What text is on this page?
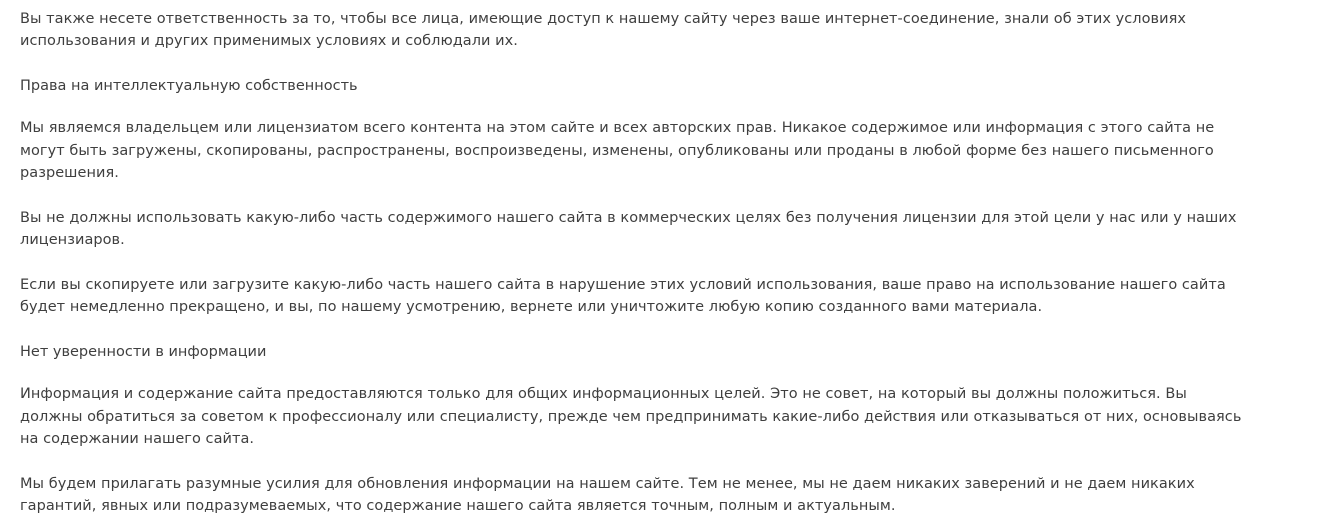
Вы также несете ответственность за то, чтобы все лица, имеющие доступ к нашему сайту через ваше интернет-соединение, знали об этих условиях использования и других применимых условиях и соблюдали их.

Права на интеллектуальную собственность

Мы являемся владельцем или лицензиатом всего контента на этом сайте и всех авторских прав. Никакое содержимое или информация с этого сайта не могут быть загружены, скопированы, распространены, воспроизведены, изменены, опубликованы или проданы в любой форме без нашего письменного разрешения.

Вы не должны использовать какую-либо часть содержимого нашего сайта в коммерческих целях без получения лицензии для этой цели у нас или у наших лицензиаров.

Если вы скопируете или загрузите какую-либо часть нашего сайта в нарушение этих условий использования, ваше право на использование нашего сайта будет немедленно прекращено, и вы, по нашему усмотрению, вернете или уничтожите любую копию созданного вами материала.

Нет уверенности в информации

Информация и содержание сайта предоставляются только для общих информационных целей. Это не совет, на который вы должны положиться. Вы должны обратиться за советом к профессионалу или специалисту, прежде чем предпринимать какие-либо действия или отказываться от них, основываясь на содержании нашего сайта.

Мы будем прилагать разумные усилия для обновления информации на нашем сайте. Тем не менее, мы не даем никаких заверений и не даем никаких гарантий, явных или подразумеваемых, что содержание нашего сайта является точным, полным и актуальным.
